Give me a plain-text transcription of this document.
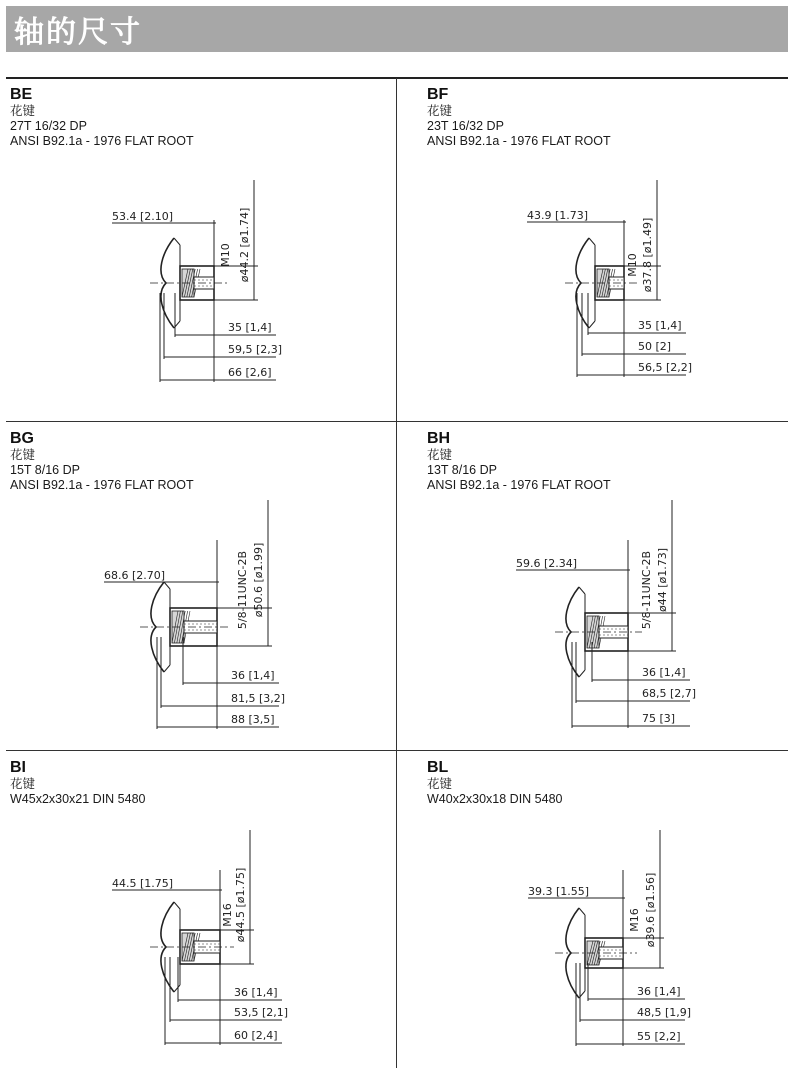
轴的尺寸
BE
花键
27T 16/32 DP
ANSI B92.1a - 1976 FLAT ROOT
53.4 [2.10]
M10 ø44.2 [ø1.74]
35 [1,4]
59,5 [2,3]
66 [2,6]
BF
花键
23T 16/32 DP
ANSI B92.1a - 1976 FLAT ROOT
43.9 [1.73]
M10 ø37.8 [ø1.49]
35 [1,4]
50 [2]
56,5 [2,2]
BG
花键
15T 8/16 DP
ANSI B92.1a - 1976 FLAT ROOT
68.6 [2.70]	5/8-11UNC-2B ø50.6 [ø1.99]
36 [1,4]
81,5 [3,2]
88 [3,5]
BH
花键
13T 8/16 DP
ANSI B92.1a - 1976 FLAT ROOT
59.6 [2.34]	5/8-11UNC-2B ø44 [ø1.73]
36 [1,4]
68,5 [2,7]
75 [3]
BI
花键
W45x2x30x21 DIN 5480
44.5 [1.75]
M16 ø44.5 [ø1.75]
36 [1,4]
53,5 [2,1]
60 [2,4]
BL
花键
W40x2x30x18 DIN 5480
39.3 [1.55]
M16 ø39.6 [ø1.56]
36 [1,4]
48,5 [1,9]
55 [2,2]
